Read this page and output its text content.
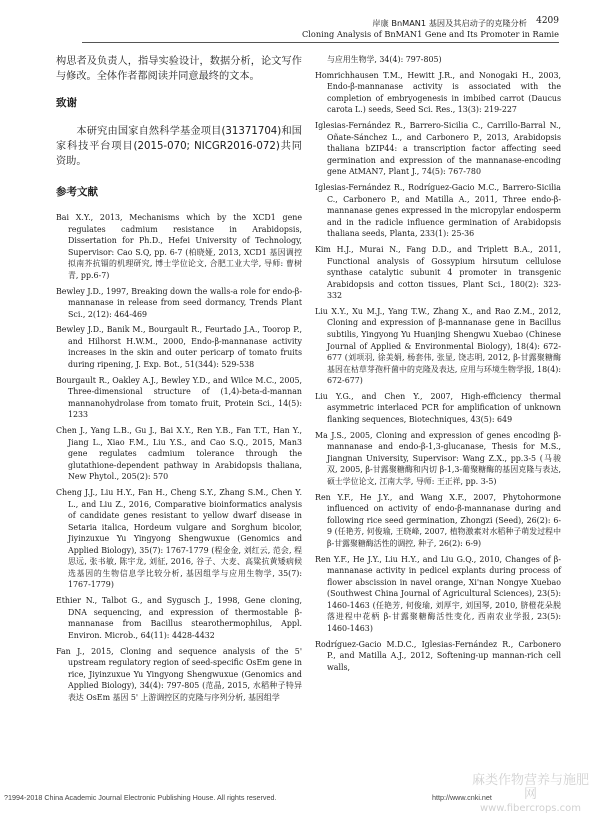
岸康 BnMAN1 基因及其启动子的克隆分析
Cloning Analysis of BnMAN1 Gene and Its Promoter in Ramie
4209

构思者及负责人，指导实验设计，数据分析，论文写作与修改。全体作者都阅读并同意最终的文本。

致谢

本研究由国家自然科学基金项目(31371704)和国家科技平台项目(2015-070; NICGR2016-072)共同资助。

参考文献

Bai X.Y., 2013, Mechanisms which by the XCD1 gene regulates cadmium resistance in Arabidopsis, Dissertation for Ph.D., Hefei University of Technology, Supervisor: Cao S.Q, pp. 6-7 (柏晓娅, 2013, XCD1 基因调控拟南芥抗镉的机理研究, 博士学位论文, 合肥工业大学, 导师: 曹树青, pp.6-7)

Bewley J.D., 1997, Breaking down the walls-a role for endo-β-mannanase in release from seed dormancy, Trends Plant Sci., 2(12): 464-469

Bewley J.D., Banik M., Bourgault R., Feurtado J.A., Toorop P., and Hilhorst H.W.M., 2000, Endo-β-mannanase activity increases in the skin and outer pericarp of tomato fruits during ripening, J. Exp. Bot., 51(344): 529-538

Bourgault R., Oakley A.J., Bewley Y.D., and Wilce M.C., 2005, Three-dimensional structure of (1,4)-beta-d-mannan mannanohydrolase from tomato fruit, Protein Sci., 14(5): 1233

Chen J., Yang L.B., Gu J., Bai X.Y., Ren Y.B., Fan T.T., Han Y., Jiang L., Xiao F.M., Liu Y.S., and Cao S.Q., 2015, Man3 gene regulates cadmium tolerance through the glutathione-dependent pathway in Arabidopsis thaliana, New Phytol., 205(2): 570

Cheng J.J., Liu H.Y., Fan H., Cheng S.Y., Zhang S.M., Chen Y. L., and Liu Z., 2016, Comparative bioinformatics analysis of candidate genes resistant to yellow dwarf disease in Setaria italica, Hordeum vulgare and Sorghum bicolor, Jiyinzuxue Yu Yingyong Shengwuxue (Genomics and Applied Biology), 35(7): 1767-1779 (程金金, 刘红云, 范会, 程思远, 张书敏, 陈宇龙, 刘征, 2016, 谷子、大麦、高粱抗黄矮病候选基因的生物信息学比较分析, 基因组学与应用生物学, 35(7): 1767-1779)

Ethier N., Talbot G., and Sygusch J., 1998, Gene cloning, DNA sequencing, and expression of thermostable β-mannanase from Bacillus stearothermophilus, Appl. Environ. Microb., 64(11): 4428-4432

Fan J., 2015, Cloning and sequence analysis of the 5' upstream regulatory region of seed-specific OsEm gene in rice, Jiyinzuxue Yu Yingyong Shengwuxue (Genomics and Applied Biology), 34(4): 797-805 (范晶, 2015, 水稻种子特异表达 OsEm 基因 5' 上游调控区的克隆与序列分析, 基因组学

与应用生物学, 34(4): 797-805)

Homrichhausen T.M., Hewitt J.R., and Nonogaki H., 2003, Endo-β-mannanase activity is associated with the completion of embryogenesis in imbibed carrot (Daucus carota L.) seeds, Seed Sci. Res., 13(3): 219-227

Iglesias-Fernández R., Barrero-Sicilia C., Carrillo-Barral N., Oñate-Sánchez L., and Carbonero P., 2013, Arabidopsis thaliana bZIP44: a transcription factor affecting seed germination and expression of the mannanase-encoding gene AtMAN7, Plant J., 74(5): 767-780

Iglesias-Fernández R., Rodríguez-Gacio M.C., Barrero-Sicilia C., Carbonero P., and Matilla A., 2011, Three endo-β-mannanase genes expressed in the micropylar endosperm and in the radicle influence germination of Arabidopsis thaliana seeds, Planta, 233(1): 25-36

Kim H.J., Murai N., Fang D.D., and Triplett B.A., 2011, Functional analysis of Gossypium hirsutum cellulose synthase catalytic subunit 4 promoter in transgenic Arabidopsis and cotton tissues, Plant Sci., 180(2): 323-332

Liu X.Y., Xu M.J., Yang T.W., Zhang X., and Rao Z.M., 2012, Cloning and expression of β-mannanase gene in Bacillus subtilis, Yingyong Yu Huanjing Shengwu Xuebao (Chinese Journal of Applied & Environmental Biology), 18(4): 672-677 (刘项羽, 徐美娟, 杨套伟, 张显, 饶志明, 2012, β-甘露聚糖酶基因在枯草芽孢杆菌中的克隆及表达, 应用与环境生物学报, 18(4): 672-677)

Liu Y.G., and Chen Y., 2007, High-efficiency thermal asymmetric interlaced PCR for amplification of unknown flanking sequences, Biotechniques, 43(5): 649

Ma J.S., 2005, Cloning and expression of genes encoding β-mannanase and endo-β-1,3-glucanase, Thesis for M.S., Jiangnan University, Supervisor: Wang Z.X., pp.3-5 (马骏双, 2005, β-甘露聚糖酶和内切 β-1,3-葡聚糖酶的基因克隆与表达, 硕士学位论文, 江南大学, 导师: 王正祥, pp. 3-5)

Ren Y.F., He J.Y., and Wang X.F., 2007, Phytohormone influenced on activity of endo-β-mannanase during and following rice seed germination, Zhongzi (Seed), 26(2): 6-9 (任艳芳, 何俊瑜, 王晓峰, 2007, 植物激素对水稻种子萌发过程中 β-甘露聚糖酶活性的调控, 种子, 26(2): 6-9)

Ren Y.F., He J.Y., Liu H.Y., and Liu G.Q., 2010, Changes of β-mannanase activity in pedicel explants during process of flower abscission in navel orange, Xi'nan Nongye Xuebao (Southwest China Journal of Agricultural Sciences), 23(5): 1460-1463 (任艳芳, 何俊瑜, 刘厚宇, 刘国琴, 2010, 脐橙花朵脱落进程中花柄 β-甘露聚糖酶活性变化, 西南农业学报, 23(5): 1460-1463)

Rodríguez-Gacio M.D.C., Iglesias-Fernández R., Carbonero P., and Matilla A.J., 2012, Softening-up mannan-rich cell walls,

?1994-2018 China Academic Journal Electronic Publishing House. All rights reserved.	http://www.cnki.net
麻类作物营养与施肥网
www.fibercrops.com
